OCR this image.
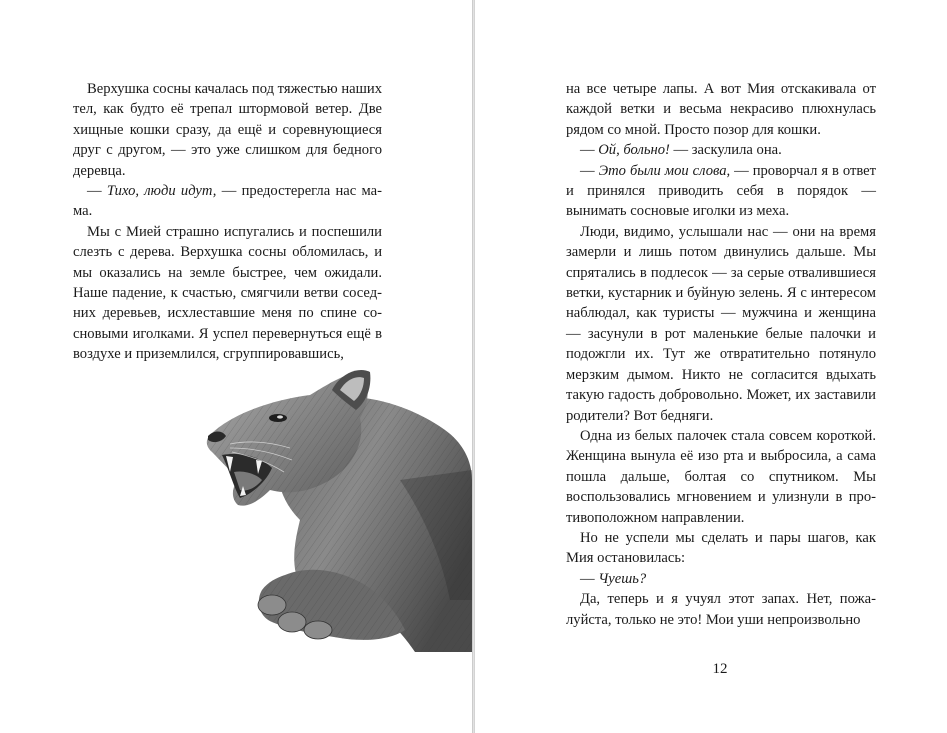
Верхушка сосны качалась под тяжестью наших тел, как будто её трепал штормовой ветер. Две хищные кошки сразу, да ещё и соревнующиеся друг с другом, — это уже слишком для бедного деревца.

— Тихо, люди идут, — предостерегла нас мама.

Мы с Мией страшно испугались и поспешили слезть с дерева. Верхушка сосны обломилась, и мы оказались на земле быстрее, чем ожидали. Наше падение, к счастью, смягчили ветви соседних деревьев, исхлеставшие меня по спине сосновыми иголками. Я успел перевернуться ещё в воздухе и приземлился, сгруппировавшись,

на все четыре лапы. А вот Мия отскакивала от каждой ветки и весьма некрасиво плюхнулась рядом со мной. Просто позор для кошки.

— Ой, больно! — заскулила она.

— Это были мои слова, — проворчал я в ответ и принялся приводить себя в порядок — вынимать сосновые иголки из меха.

Люди, видимо, услышали нас — они на время замерли и лишь потом двинулись дальше. Мы спрятались в подлесок — за серые отвалившиеся ветки, кустарник и буйную зелень. Я с интересом наблюдал, как туристы — мужчина и женщина — засунули в рот маленькие белые палочки и подожгли их. Тут же отвратительно потянуло мерзким дымом. Никто не согласится вдыхать такую гадость добровольно. Может, их заставили родители? Вот бедняги.

Одна из белых палочек стала совсем короткой. Женщина вынула её изо рта и выбросила, а сама пошла дальше, болтая со спутником. Мы воспользовались мгновением и улизнули в противоположном направлении.

Но не успели мы сделать и пары шагов, как Мия остановилась:

— Чуешь?

Да, теперь и я учуял этот запах. Нет, пожалуйста, только не это! Мои уши непроизвольно

12
